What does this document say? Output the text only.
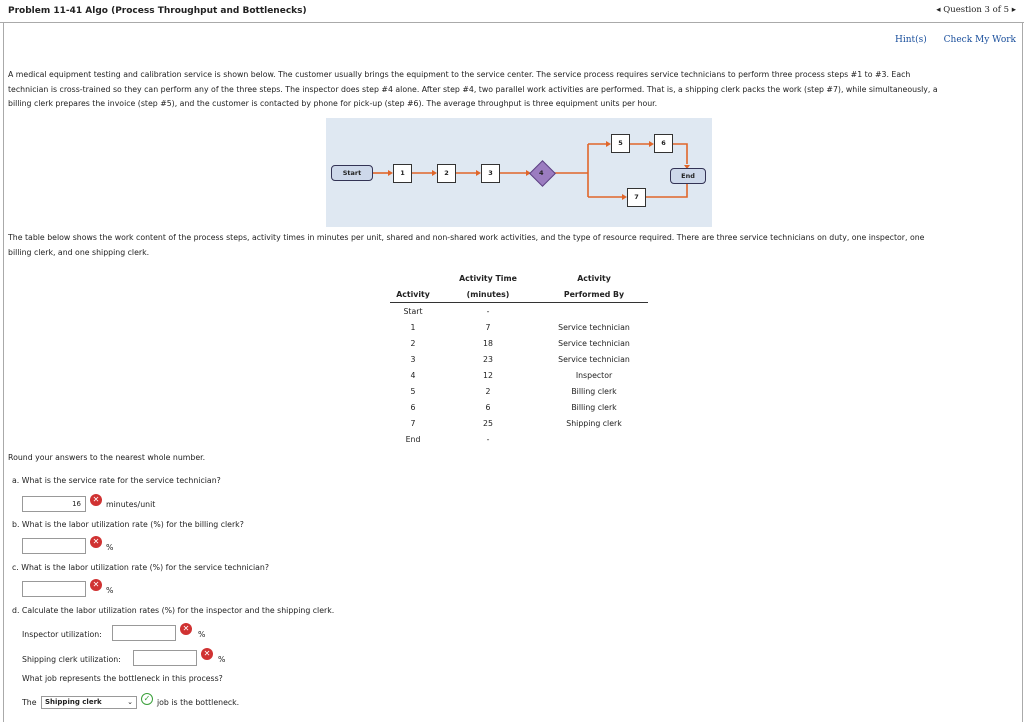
Problem 11-41 Algo (Process Throughput and Bottlenecks)	◂ Question 3 of 5 ▸
Hint(s) Check My Work
A medical equipment testing and calibration service is shown below. The customer usually brings the equipment to the service center. The service process requires service technicians to perform three process steps #1 to #3. Each
technician is cross-trained so they can perform any of the three steps. The inspector does step #4 alone. After step #4, two parallel work activities are performed. That is, a shipping clerk packs the work (step #7), while simultaneously, a
billing clerk prepares the invoice (step #5), and the customer is contacted by phone for pick-up (step #6). The average throughput is three equipment units per hour.
Start	1	2	3	4
5	6
7
End
The table below shows the work content of the process steps, activity times in minutes per unit, shared and non-shared work activities, and the type of resource required. There are three service technicians on duty, one inspector, one
billing clerk, and one shipping clerk.
	Activity Time	Activity
Activity	(minutes)	Performed By
Start	-	
1	7	Service technician
2	18	Service technician
3	23	Service technician
4	12	Inspector
5	2	Billing clerk
6	6	Billing clerk
7	25	Shipping clerk
End	-	
Round your answers to the nearest whole number.
a. What is the service rate for the service technician?
16	✕
minutes/unit
b. What is the labor utilization rate (%) for the billing clerk?
✕
%
c. What is the labor utilization rate (%) for the service technician?
✕
%
d. Calculate the labor utilization rates (%) for the inspector and the shipping clerk.
Inspector utilization:
✕
%
Shipping clerk utilization:
✕
%
What job represents the bottleneck in this process?
The	Shipping clerk	⌄	✓ job is the bottleneck.
